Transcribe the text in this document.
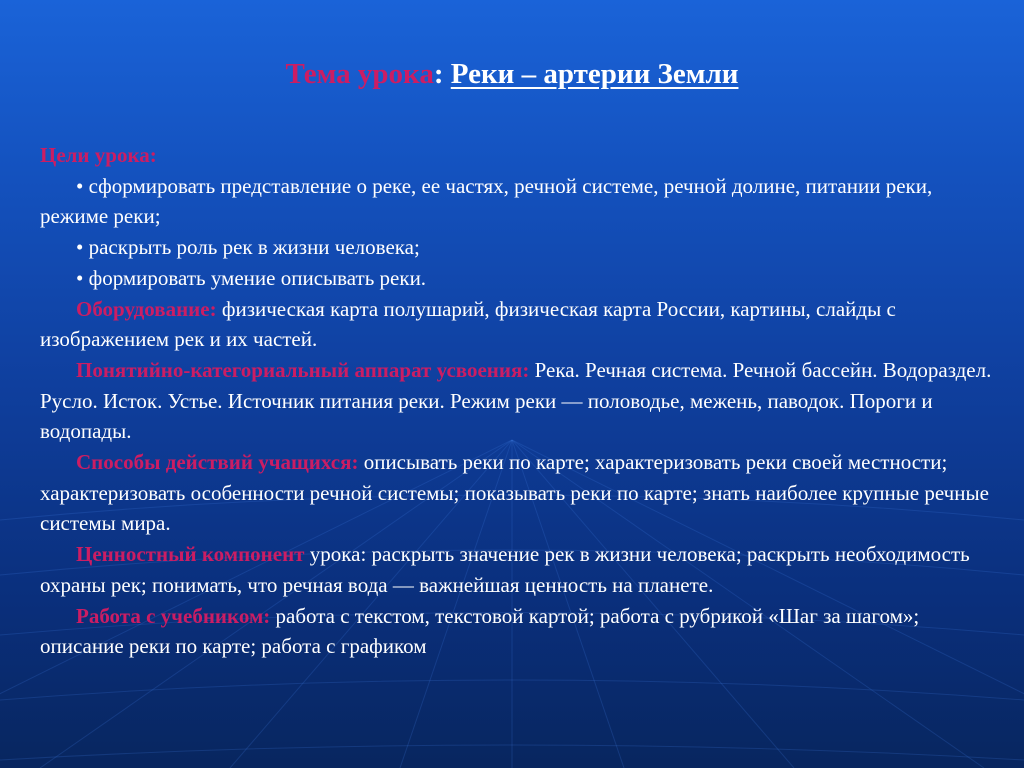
Тема урока: Реки – артерии Земли

Цели урока:

• сформировать представление о реке, ее частях, речной системе, речной долине, питании реки, режиме реки;

• раскрыть роль рек в жизни человека;

• формировать умение описывать реки.

Оборудование: физическая карта полушарий, физическая карта России, картины, слайды с изображением рек и их частей.

Понятийно-категориальный аппарат усвоения: Река. Речная система. Речной бассейн. Водораздел. Русло. Исток. Устье. Источник питания реки. Режим реки — половодье, межень, паводок. Пороги и водопады.

Способы действий учащихся: описывать реки по карте; характеризовать реки своей местности; характеризовать особенности речной системы; показывать реки по карте; знать наиболее крупные речные системы мира.

Ценностный компонент урока: раскрыть значение рек в жизни человека; раскрыть необходимость охраны рек; понимать, что речная вода — важнейшая ценность на планете.

Работа с учебником: работа с текстом, текстовой картой; работа с рубрикой «Шаг за шагом»; описание реки по карте; работа с графиком
